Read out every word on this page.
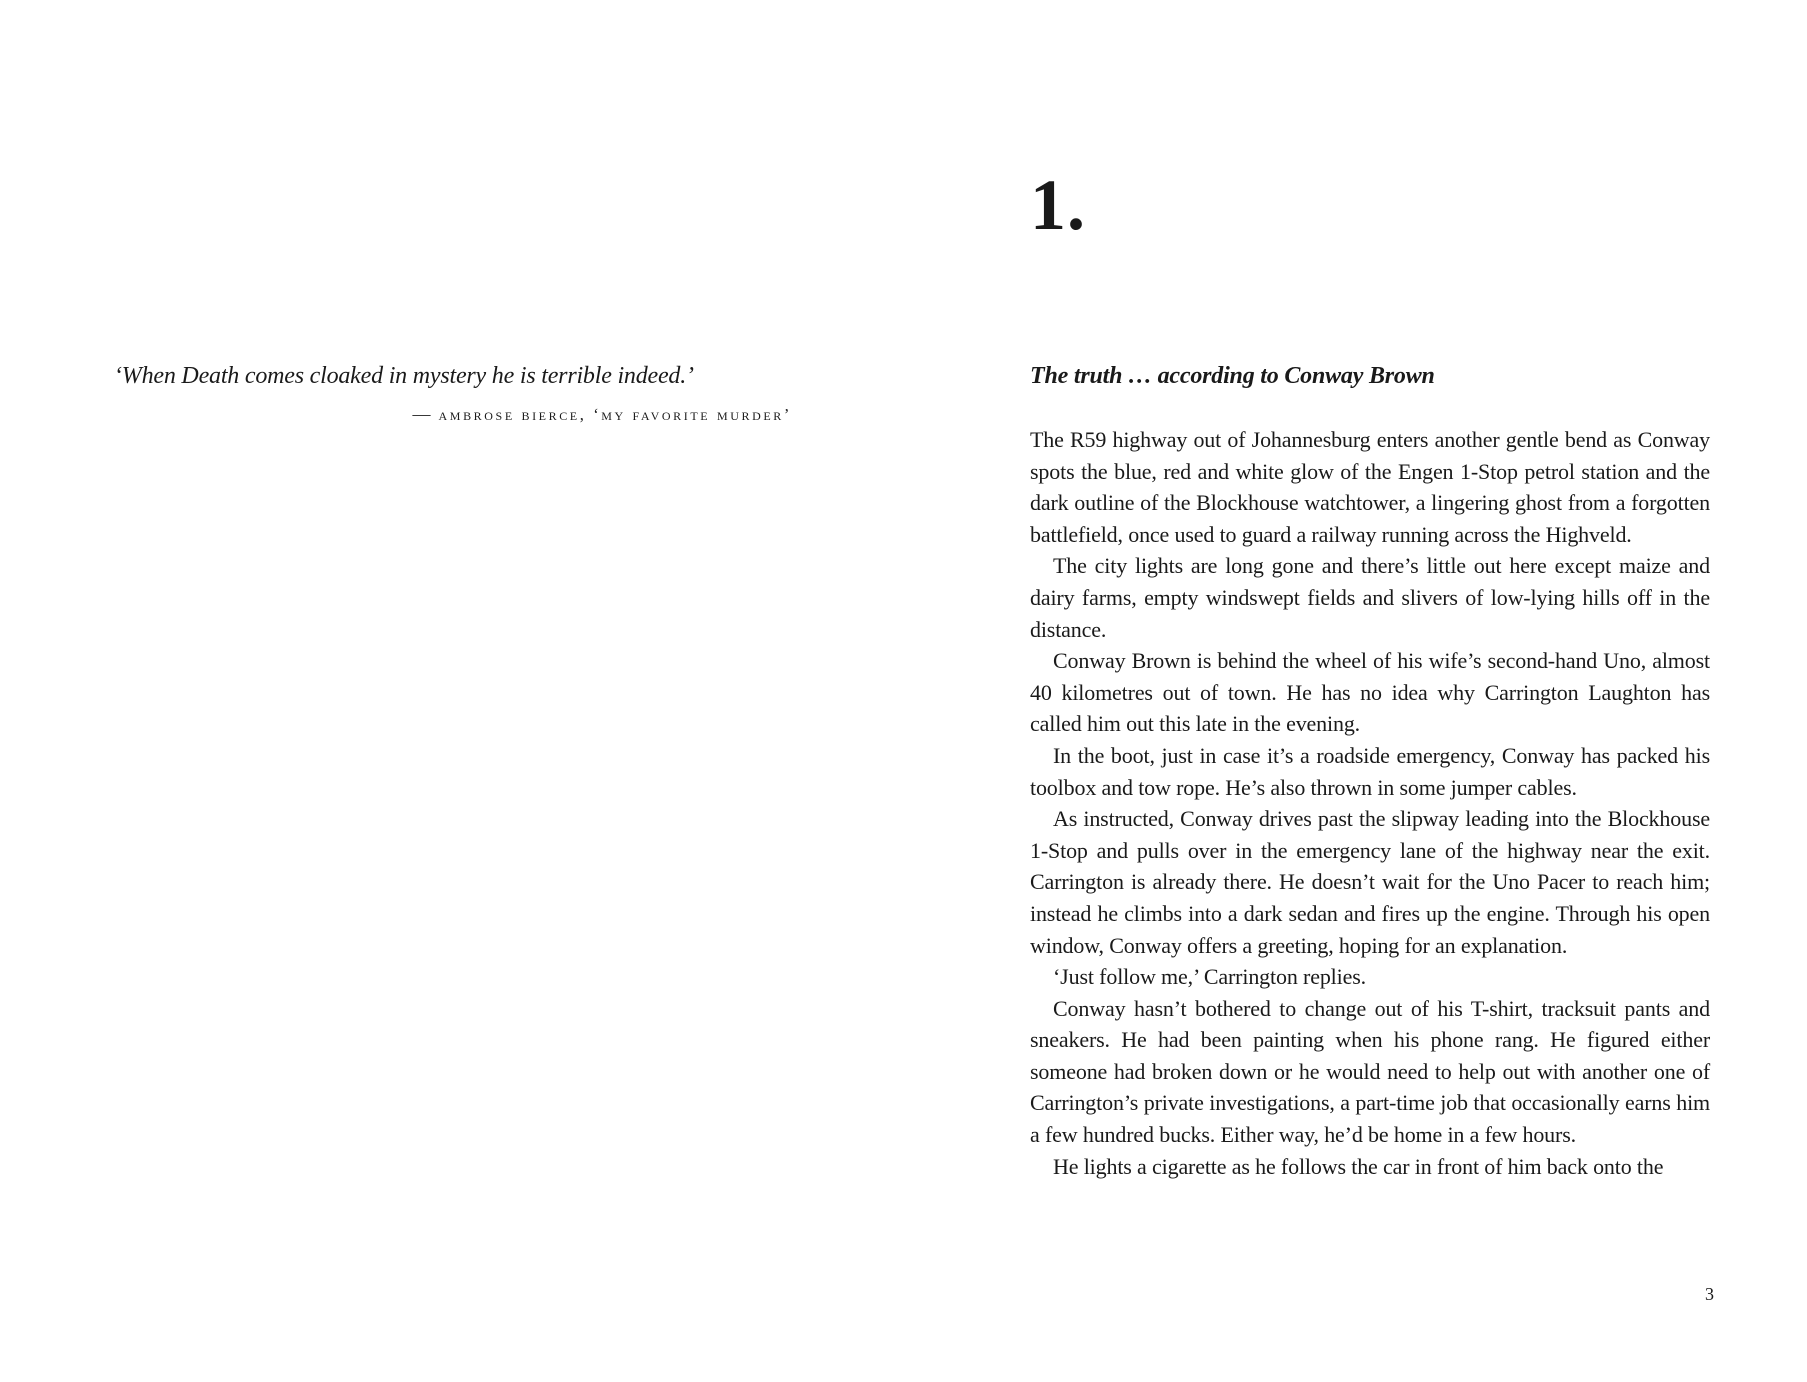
‘When Death comes cloaked in mystery he is terrible indeed.’

— ambrose bierce, ‘my favorite murder’

1.
The truth … according to Conway Brown

The R59 highway out of Johannesburg enters another gentle bend as Conway spots the blue, red and white glow of the Engen 1-Stop petrol station and the dark outline of the Blockhouse watchtower, a lingering ghost from a forgotten battlefield, once used to guard a railway running across the Highveld.

The city lights are long gone and there’s little out here except maize and dairy farms, empty windswept fields and slivers of low-lying hills off in the distance.

Conway Brown is behind the wheel of his wife’s second-hand Uno, almost 40 kilometres out of town. He has no idea why Carrington Laughton has called him out this late in the evening.

In the boot, just in case it’s a roadside emergency, Conway has packed his toolbox and tow rope. He’s also thrown in some jumper cables.

As instructed, Conway drives past the slipway leading into the Blockhouse 1-Stop and pulls over in the emergency lane of the highway near the exit. Carrington is already there. He doesn’t wait for the Uno Pacer to reach him; instead he climbs into a dark sedan and fires up the engine. Through his open window, Conway offers a greeting, hoping for an explanation.

‘Just follow me,’ Carrington replies.

Conway hasn’t bothered to change out of his T-shirt, tracksuit pants and sneakers. He had been painting when his phone rang. He figured either someone had broken down or he would need to help out with another one of Carrington’s private investigations, a part-time job that occasionally earns him a few hundred bucks. Either way, he’d be home in a few hours.

He lights a cigarette as he follows the car in front of him back onto the

3
